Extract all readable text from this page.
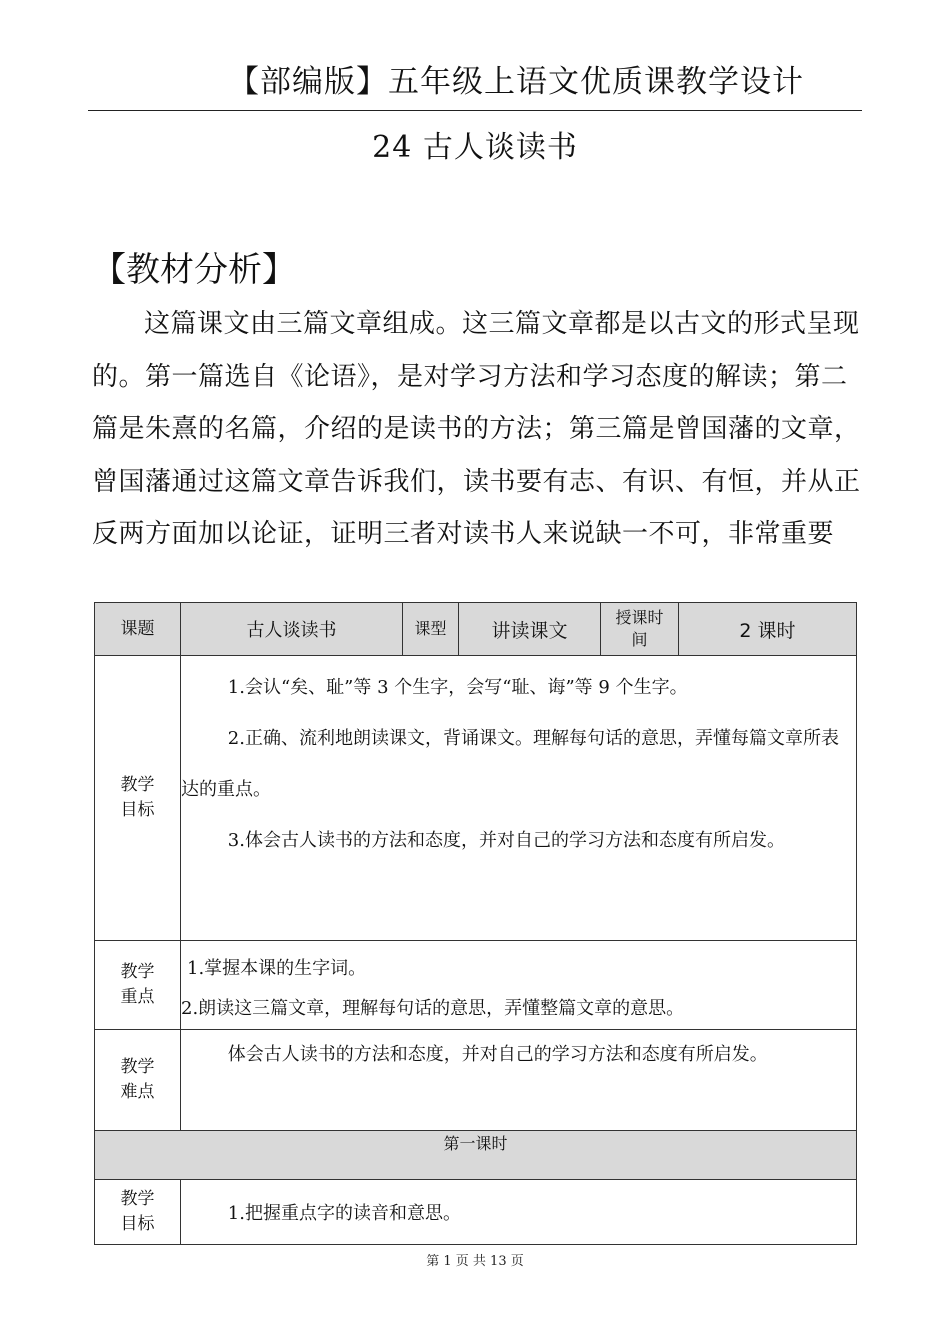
【部编版】五年级上语文优质课教学设计
24 古人谈读书
【教材分析】

这篇课文由三篇文章组成。这三篇文章都是以古文的形式呈现的。第一篇选自《论语》，是对学习方法和学习态度的解读；第二篇是朱熹的名篇，介绍的是读书的方法；第三篇是曾国藩的文章，曾国藩通过这篇文章告诉我们，读书要有志、有识、有恒，并从正反两方面加以论证，证明三者对读书人来说缺一不可，非常重要

课题	古人谈读书	课型	讲读课文	授课时间	2 课时
教学目标	1.会认“矣、耻”等 3 个生字，会写“耻、诲”等 9 个生字。

2.正确、流利地朗读课文，背诵课文。理解每句话的意思，弄懂每篇文章所表达的重点。

3.体会古人读书的方法和态度，并对自己的学习方法和态度有所启发。				

教学重点	1.掌握本课的生字词。

2.朗读这三篇文章，理解每句话的意思，弄懂整篇文章的意思。				

教学难点	体会古人读书的方法和态度，并对自己的学习方法和态度有所启发。				

第一课时					
教学目标	1.把握重点字的读音和意思。				

第 1 页 共 13 页
